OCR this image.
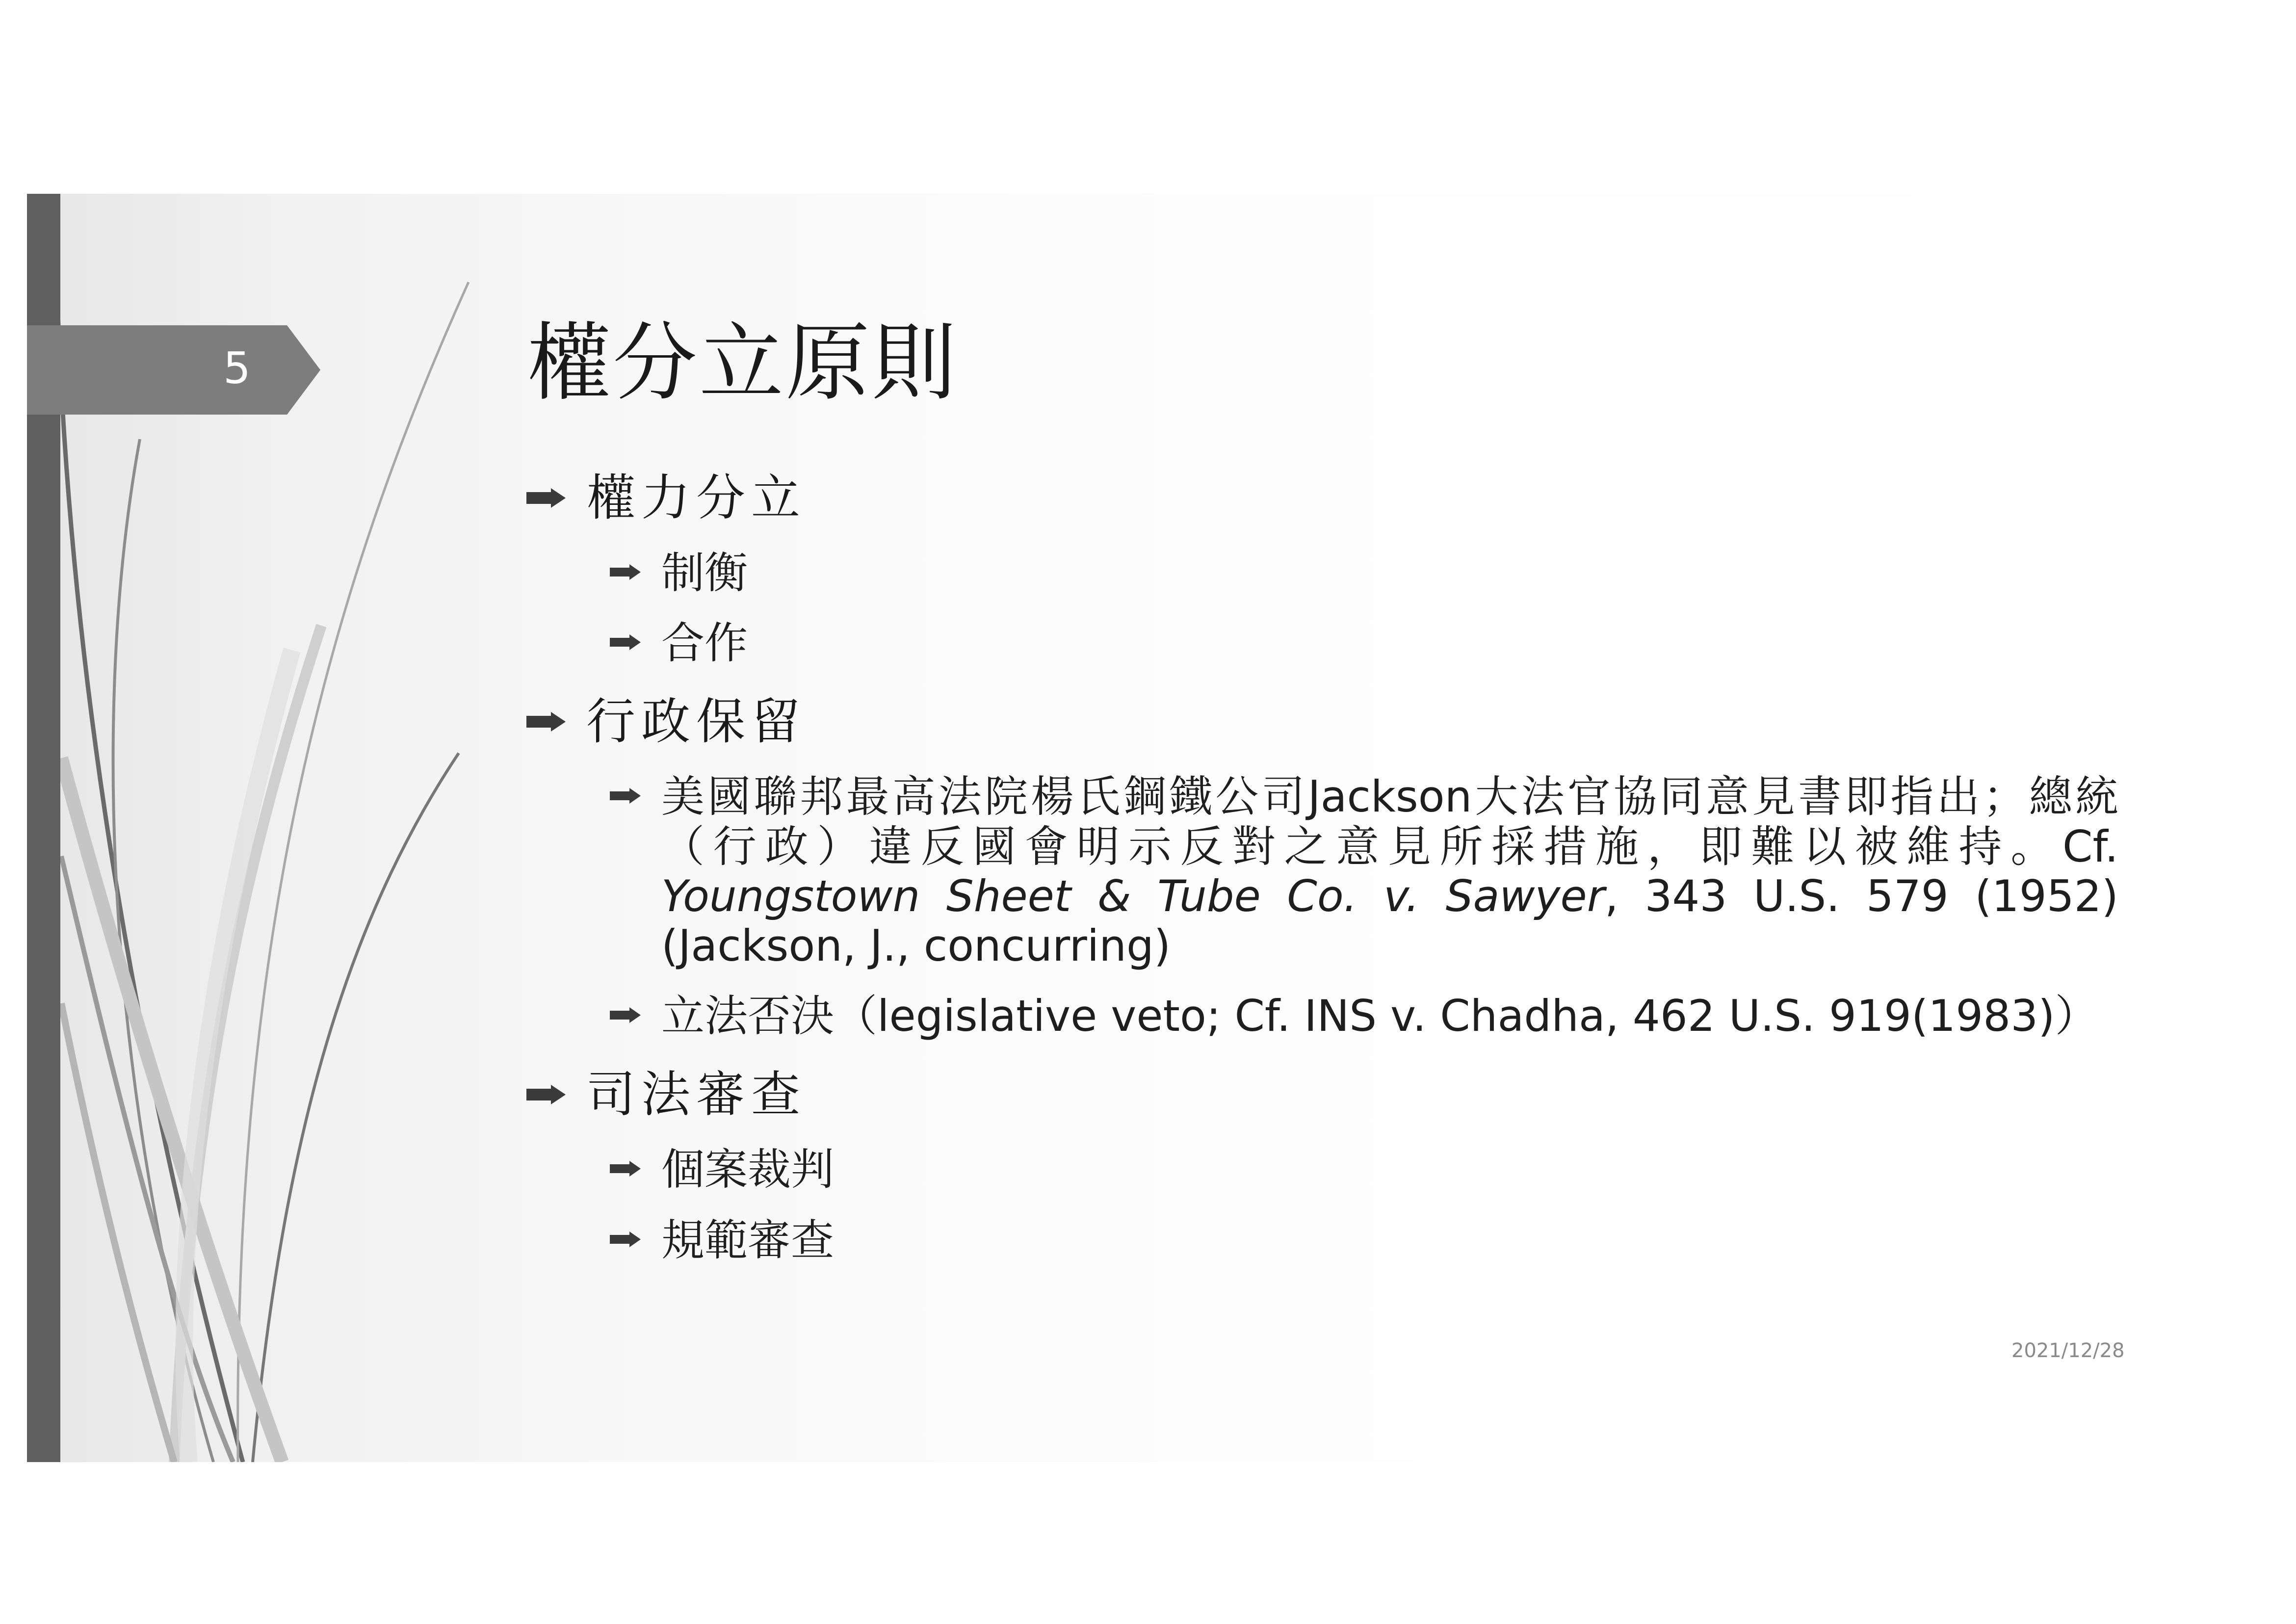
5	權分立原則
權力分立
制衡
合作
行政保留
美國聯邦最高法院楊氏鋼鐵公司Jackson大法官協同意見書即指出；總統（行政）違反國會明示反對之意見所採措施，即難以被維持。Cf. Youngstown Sheet & Tube Co. v. Sawyer, 343 U.S. 579 (1952) (Jackson, J., concurring)
立法否決（legislative veto; Cf. INS v. Chadha, 462 U.S. 919(1983)）
司法審查
個案裁判
規範審查
2021/12/28
